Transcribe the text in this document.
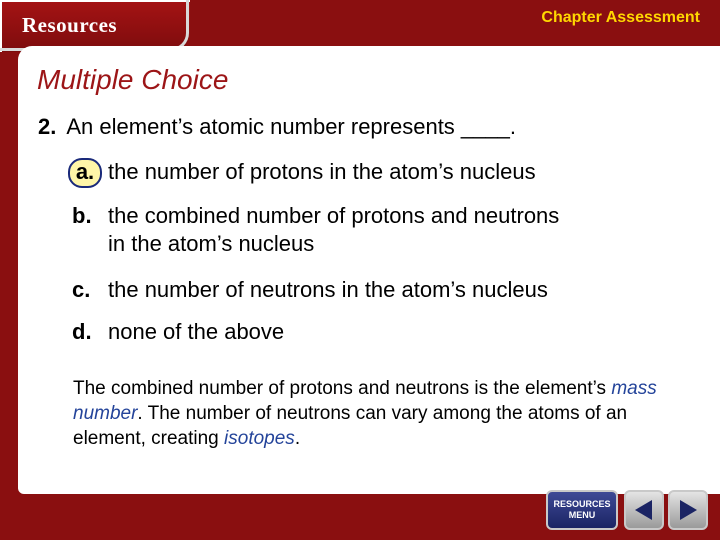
Resources	Chapter Assessment
Multiple Choice
2. An element’s atomic number represents ____.
a. the number of protons in the atom’s nucleus
b. the combined number of protons and neutrons
in the atom’s nucleus
c. the number of neutrons in the atom’s nucleus
d. none of the above
The combined number of protons and neutrons is the element’s mass number. The number of neutrons can vary among the atoms of an element, creating isotopes.
RESOURCES
MENU
